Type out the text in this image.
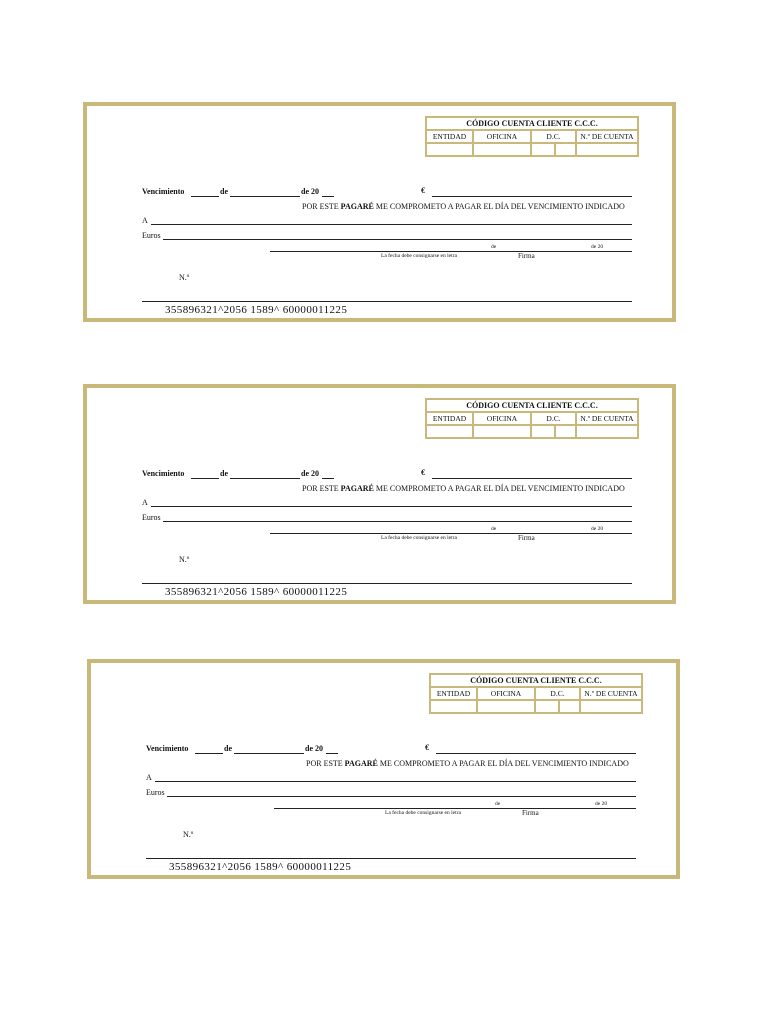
CÓDIGO CUENTA CLIENTE C.C.C.
ENTIDAD	OFICINA	D.C.	N.º DE CUENTA
Vencimiento	de	de 20	€
POR ESTE PAGARÉ ME COMPROMETO A PAGAR EL DÍA DEL VENCIMIENTO INDICADO
A
Euros
de	de 20
La fecha debe consignarse en letra	Firma
N.º
355896321^2056 1589^ 60000011225
CÓDIGO CUENTA CLIENTE C.C.C.
ENTIDAD	OFICINA	D.C.	N.º DE CUENTA
Vencimiento	de	de 20	€
POR ESTE PAGARÉ ME COMPROMETO A PAGAR EL DÍA DEL VENCIMIENTO INDICADO
A
Euros
de	de 20
La fecha debe consignarse en letra	Firma
N.º
355896321^2056 1589^ 60000011225
CÓDIGO CUENTA CLIENTE C.C.C.
ENTIDAD	OFICINA	D.C.	N.º DE CUENTA
Vencimiento	de	de 20	€
POR ESTE PAGARÉ ME COMPROMETO A PAGAR EL DÍA DEL VENCIMIENTO INDICADO
A
Euros
de	de 20
La fecha debe consignarse en letra	Firma
N.º
355896321^2056 1589^ 60000011225
